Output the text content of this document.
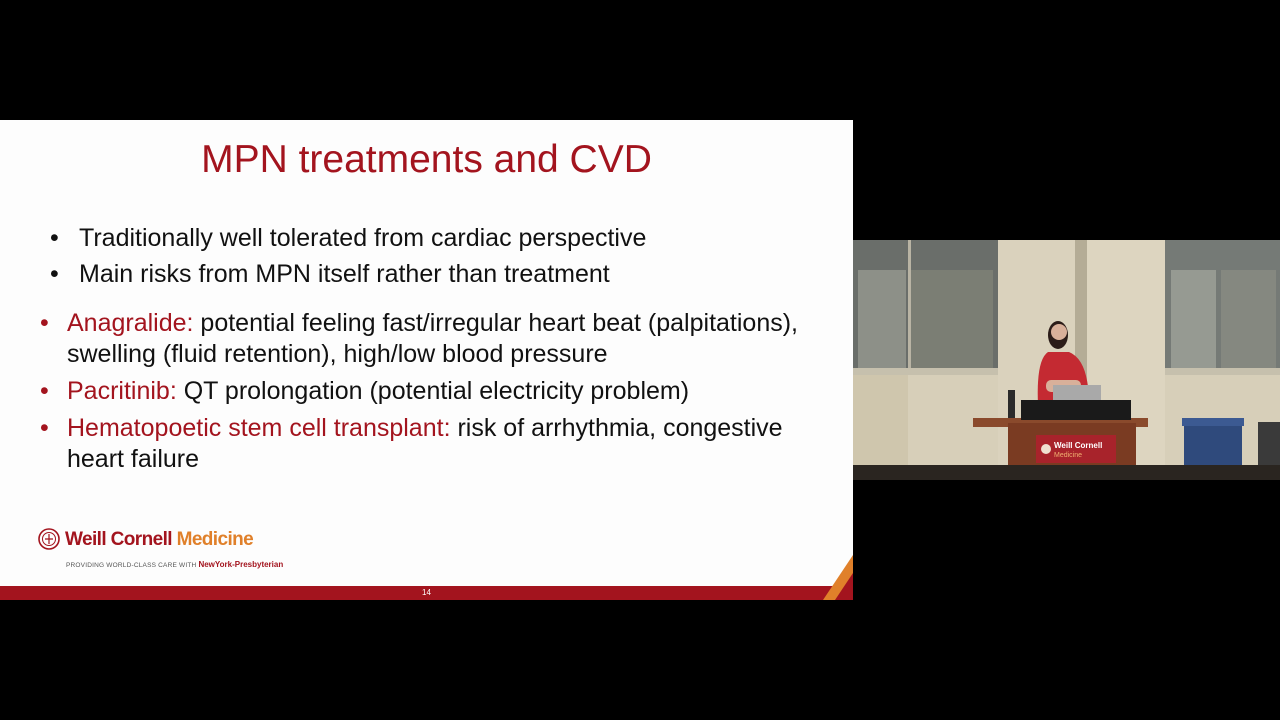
MPN treatments and CVD
• Traditionally well tolerated from cardiac perspective
• Main risks from MPN itself rather than treatment
• Anagralide: potential feeling fast/irregular heart beat (palpitations), swelling (fluid retention), high/low blood pressure
• Pacritinib: QT prolongation (potential electricity problem)
• Hematopoetic stem cell transplant: risk of arrhythmia, congestive heart failure
Weill Cornell Medicine
PROVIDING WORLD-CLASS CARE WITH NewYork-Presbyterian
14
Weill Cornell
Medicine
